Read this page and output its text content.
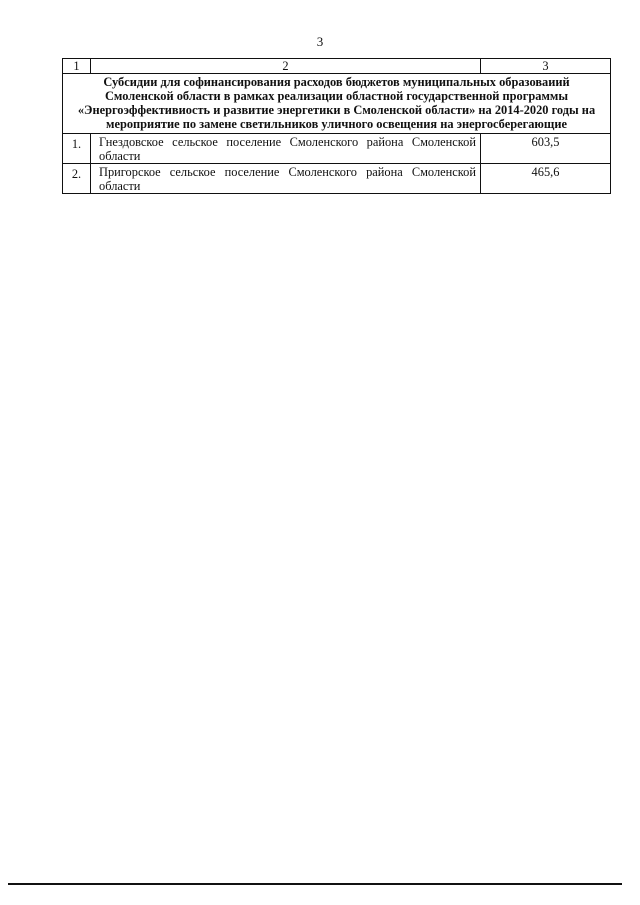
3
1	2	3
Субсидии для софинансирования расходов бюджетов муниципальных образоваиий Смоленской области в рамках реализации областной государственной программы «Энергоэффективиость и развитие энергетики в Смоленской области» на 2014-2020 годы на мероприятие по замене светильников уличного освещения на энергосберегающие		
1.	Гнездовское сельское поселение Смоленского района Смоленской области	603,5
2.	Пригорское сельское поселение Смоленского района Смоленской области	465,6
